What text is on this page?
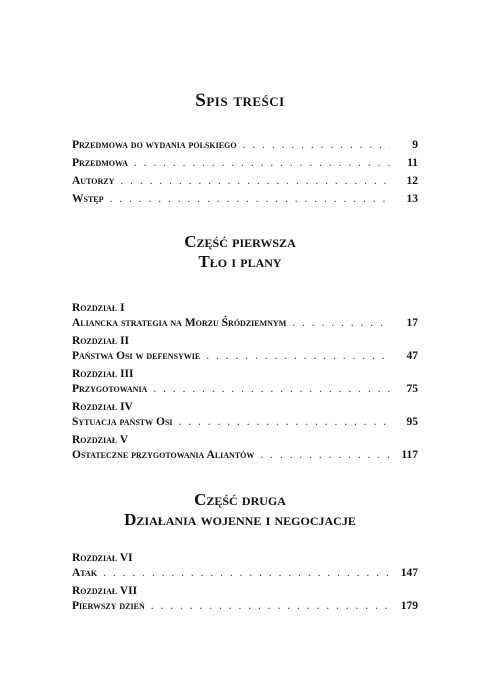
Spis treści
Przedmowa do wydania polskiego . . .	9
Przedmowa . . .	11
Autorzy . . .	12
Wstęp . . .	13
Część pierwsza
Tło i plany
Rozdział I
Aliancka strategia na Morzu Śródziemnym . . .	17
Rozdział II
Państwa Osi w defensywie . . .	47
Rozdział III
Przygotowania . . .	75
Rozdział IV
Sytuacja państw Osi . . .	95
Rozdział V
Ostateczne przygotowania Aliantów . . .	117
Część druga
Działania wojenne i negocjacje
Rozdział VI
Atak . . .	147
Rozdział VII
Pierwszy dzień . . .	179
